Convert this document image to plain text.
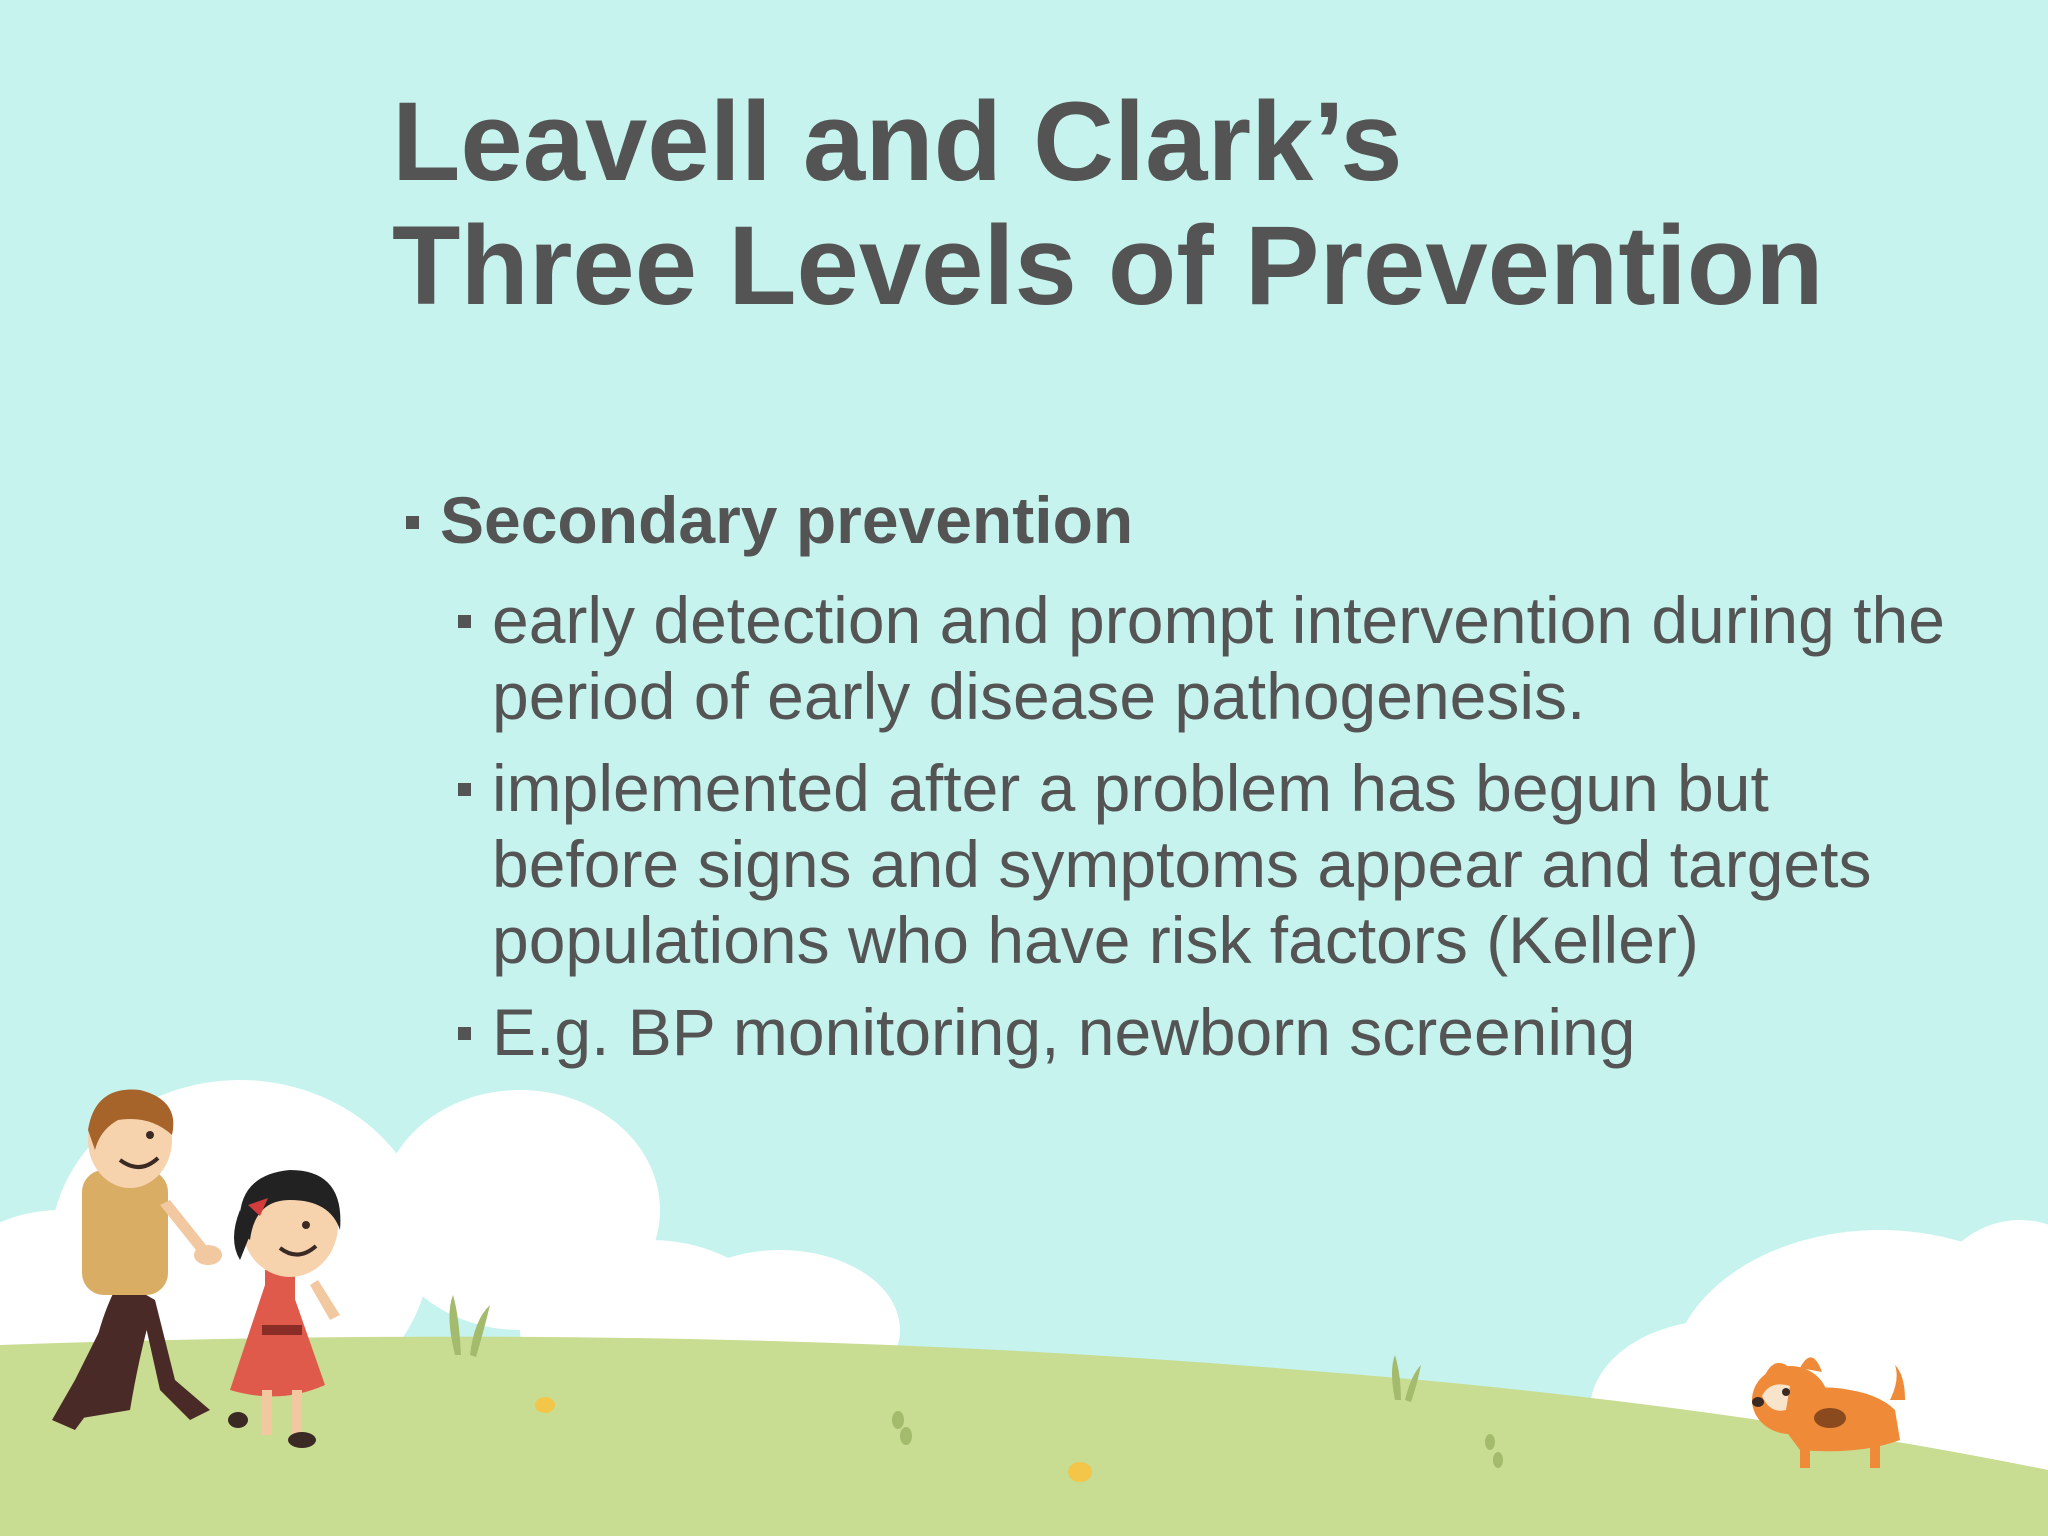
Leavell and Clark’s
Three Levels of Prevention
Secondary prevention
early detection and prompt intervention during the period of early disease pathogenesis.
implemented after a problem has begun but before signs and symptoms appear and targets populations who have risk factors (Keller)
E.g. BP monitoring, newborn screening
